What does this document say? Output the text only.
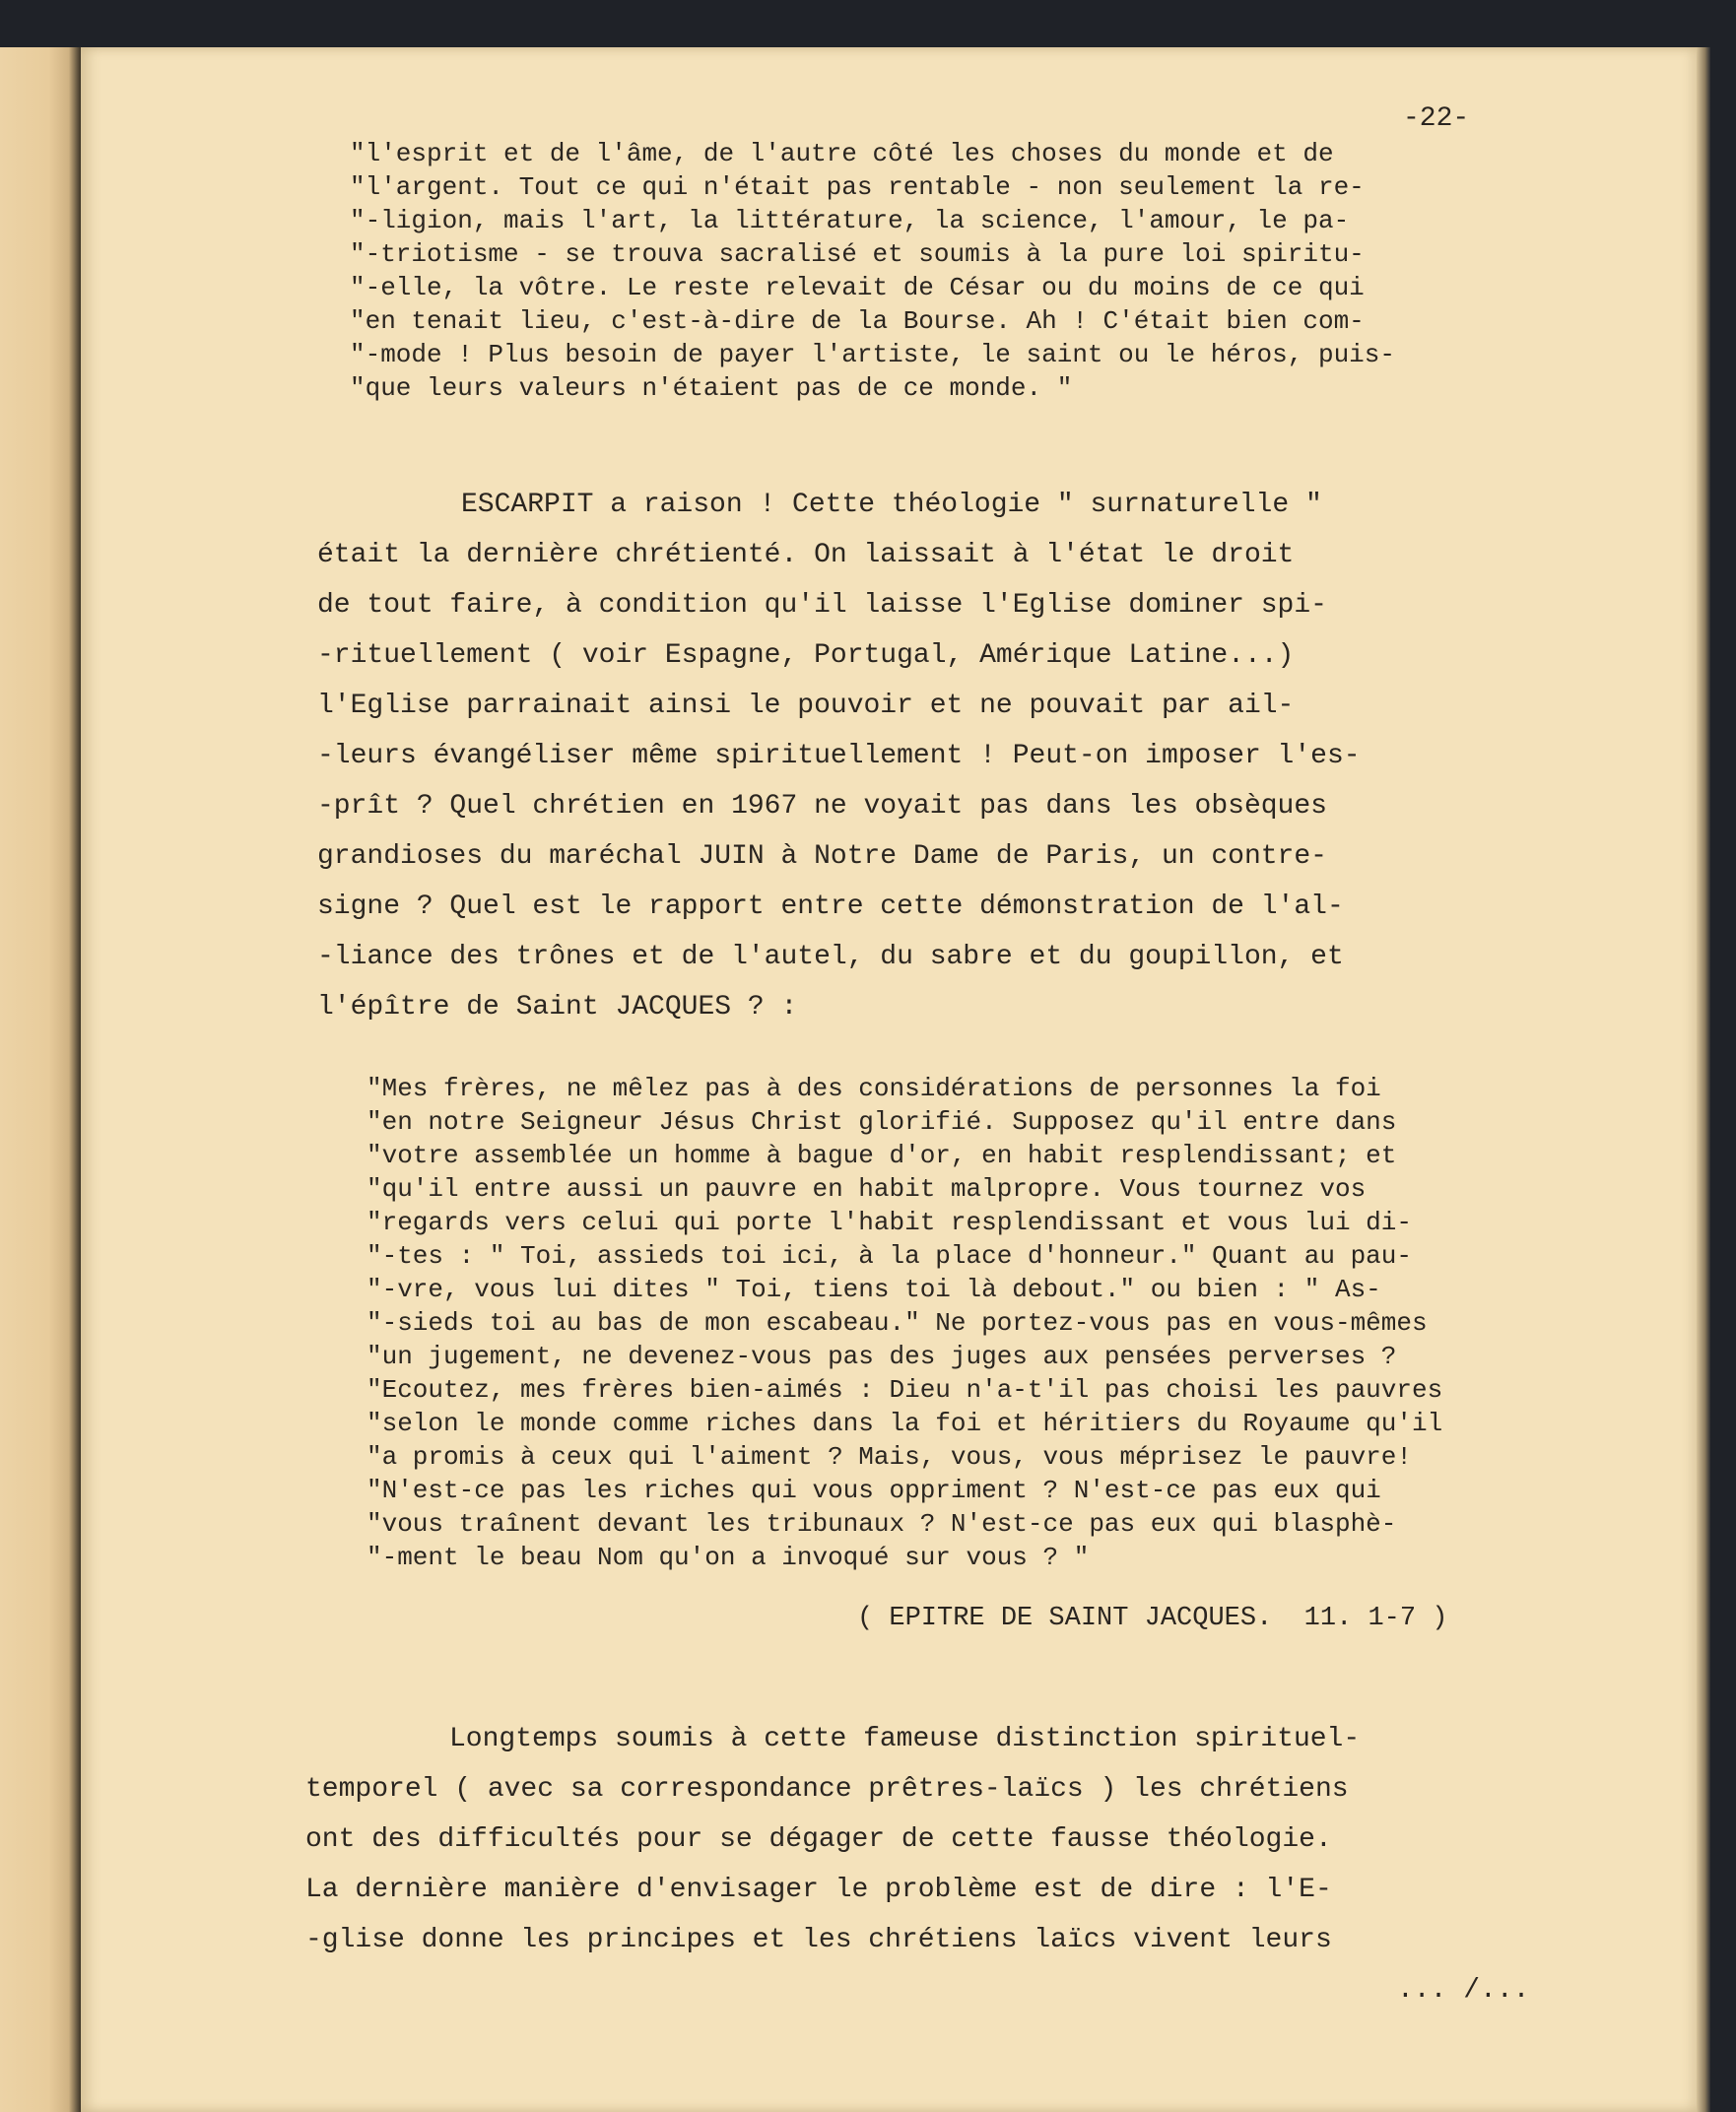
-22-
"l'esprit et de l'âme, de l'autre côté les choses du monde et de
"l'argent. Tout ce qui n'était pas rentable - non seulement la re-
"-ligion, mais l'art, la littérature, la science, l'amour, le pa-
"-triotisme - se trouva sacralisé et soumis à la pure loi spiritu-
"-elle, la vôtre. Le reste relevait de César ou du moins de ce qui
"en tenait lieu, c'est-à-dire de la Bourse. Ah ! C'était bien com-
"-mode ! Plus besoin de payer l'artiste, le saint ou le héros, puis-
"que leurs valeurs n'étaient pas de ce monde. "
ESCARPIT a raison ! Cette théologie " surnaturelle "
était la dernière chrétienté. On laissait à l'état le droit
de tout faire, à condition qu'il laisse l'Eglise dominer spi-
-rituellement ( voir Espagne, Portugal, Amérique Latine...)
l'Eglise parrainait ainsi le pouvoir et ne pouvait par ail-
-leurs évangéliser même spirituellement ! Peut-on imposer l'es-
-prît ? Quel chrétien en 1967 ne voyait pas dans les obsèques
grandioses du maréchal JUIN à Notre Dame de Paris, un contre-
signe ? Quel est le rapport entre cette démonstration de l'al-
-liance des trônes et de l'autel, du sabre et du goupillon, et
l'épître de Saint JACQUES ? :
"Mes frères, ne mêlez pas à des considérations de personnes la foi
"en notre Seigneur Jésus Christ glorifié. Supposez qu'il entre dans
"votre assemblée un homme à bague d'or, en habit resplendissant; et
"qu'il entre aussi un pauvre en habit malpropre. Vous tournez vos
"regards vers celui qui porte l'habit resplendissant et vous lui di-
"-tes : " Toi, assieds toi ici, à la place d'honneur." Quant au pau-
"-vre, vous lui dites " Toi, tiens toi là debout." ou bien : " As-
"-sieds toi au bas de mon escabeau." Ne portez-vous pas en vous-mêmes
"un jugement, ne devenez-vous pas des juges aux pensées perverses ?
"Ecoutez, mes frères bien-aimés : Dieu n'a-t'il pas choisi les pauvres
"selon le monde comme riches dans la foi et héritiers du Royaume qu'il
"a promis à ceux qui l'aiment ? Mais, vous, vous méprisez le pauvre!
"N'est-ce pas les riches qui vous oppriment ? N'est-ce pas eux qui
"vous traînent devant les tribunaux ? N'est-ce pas eux qui blasphè-
"-ment le beau Nom qu'on a invoqué sur vous ? "
( EPITRE DE SAINT JACQUES.  11. 1-7 )
Longtemps soumis à cette fameuse distinction spirituel-
temporel ( avec sa correspondance prêtres-laïcs ) les chrétiens
ont des difficultés pour se dégager de cette fausse théologie.
La dernière manière d'envisager le problème est de dire : l'E-
-glise donne les principes et les chrétiens laïcs vivent leurs
... /...
